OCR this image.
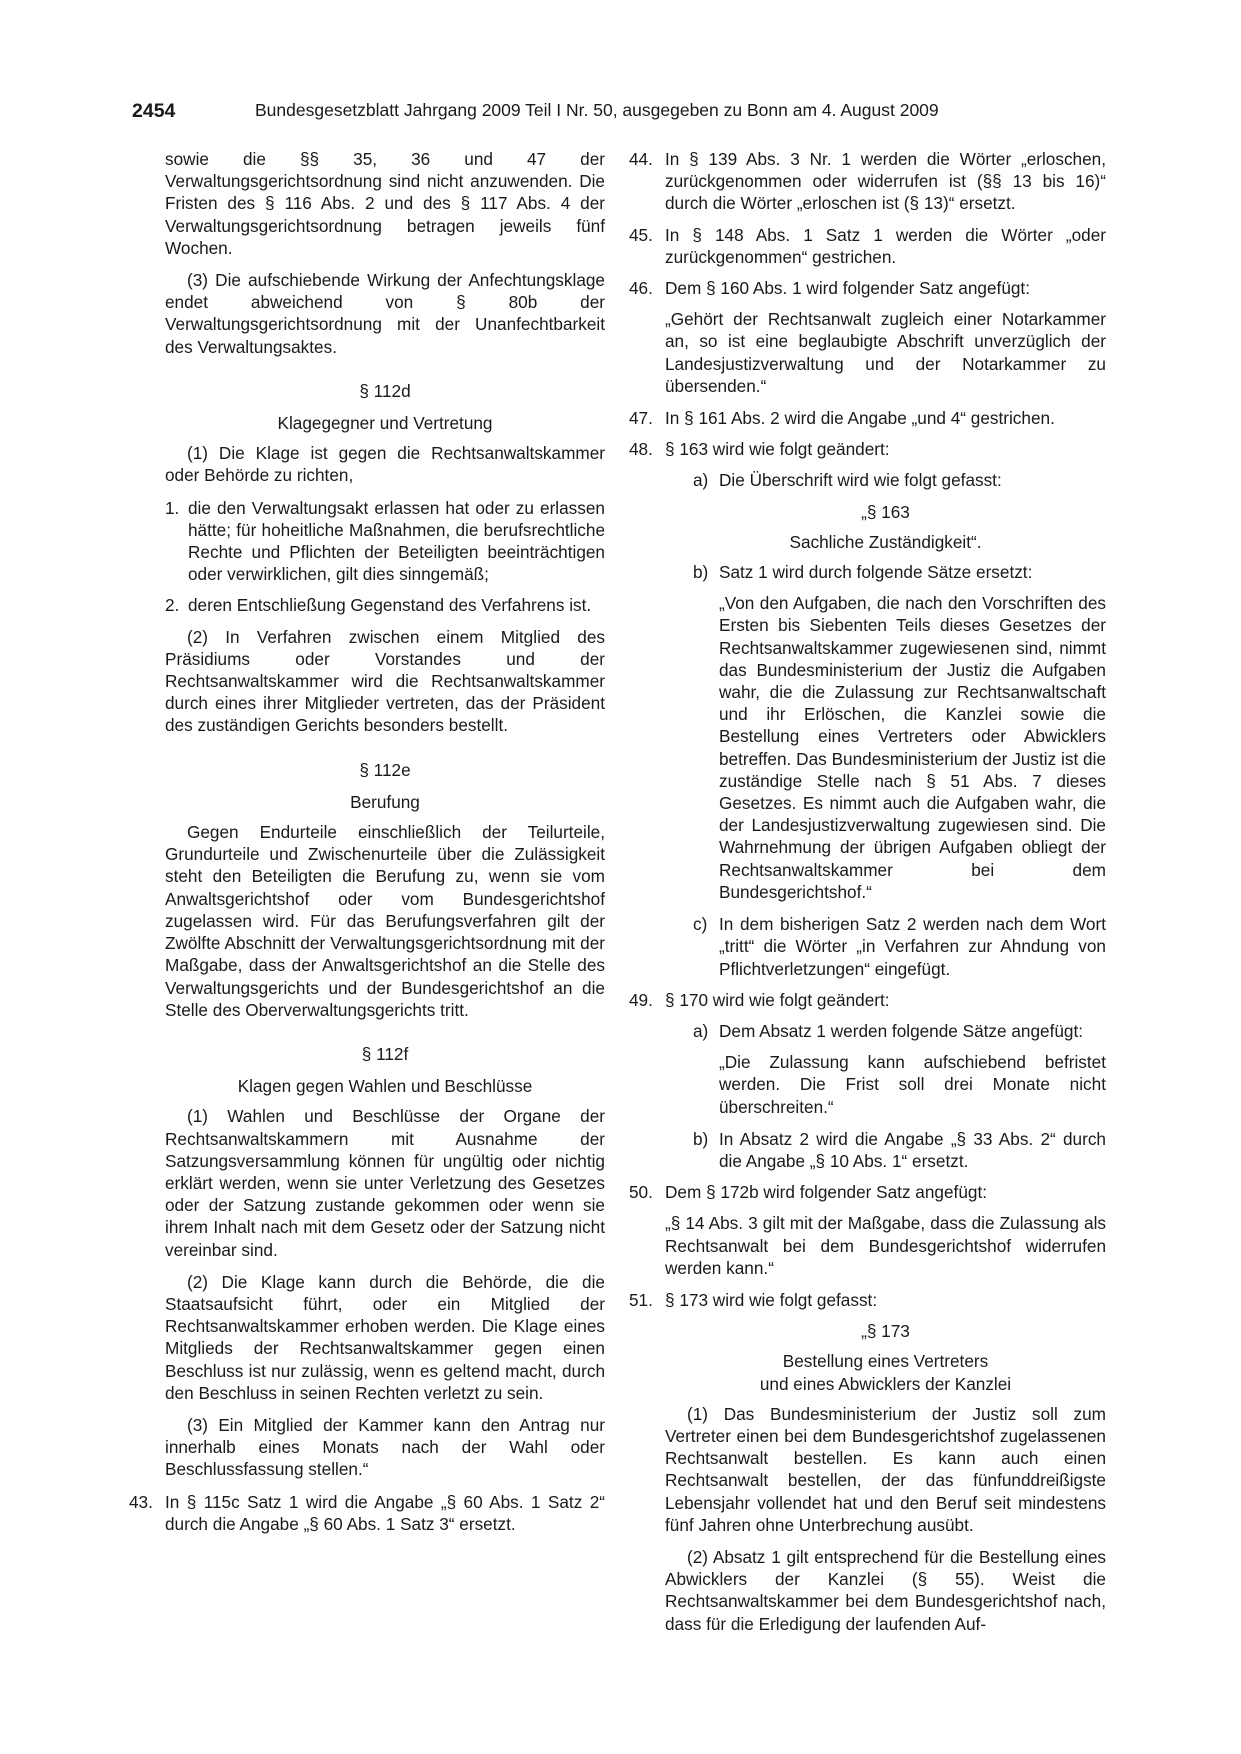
2454	Bundesgesetzblatt Jahrgang 2009 Teil I Nr. 50, ausgegeben zu Bonn am 4. August 2009

sowie die §§ 35, 36 und 47 der Verwaltungsgerichtsordnung sind nicht anzuwenden. Die Fristen des § 116 Abs. 2 und des § 117 Abs. 4 der Verwaltungsgerichtsordnung betragen jeweils fünf Wochen.

(3) Die aufschiebende Wirkung der Anfechtungsklage endet abweichend von § 80b der Verwaltungsgerichtsordnung mit der Unanfechtbarkeit des Verwaltungsaktes.

§ 112d
Klagegegner und Vertretung

(1) Die Klage ist gegen die Rechtsanwaltskammer oder Behörde zu richten,

1. die den Verwaltungsakt erlassen hat oder zu erlassen hätte; für hoheitliche Maßnahmen, die berufsrechtliche Rechte und Pflichten der Beteiligten beeinträchtigen oder verwirklichen, gilt dies sinngemäß;
2. deren Entschließung Gegenstand des Verfahrens ist.

(2) In Verfahren zwischen einem Mitglied des Präsidiums oder Vorstandes und der Rechtsanwaltskammer wird die Rechtsanwaltskammer durch eines ihrer Mitglieder vertreten, das der Präsident des zuständigen Gerichts besonders bestellt.

§ 112e
Berufung

Gegen Endurteile einschließlich der Teilurteile, Grundurteile und Zwischenurteile über die Zulässigkeit steht den Beteiligten die Berufung zu, wenn sie vom Anwaltsgerichtshof oder vom Bundesgerichtshof zugelassen wird. Für das Berufungsverfahren gilt der Zwölfte Abschnitt der Verwaltungsgerichtsordnung mit der Maßgabe, dass der Anwaltsgerichtshof an die Stelle des Verwaltungsgerichts und der Bundesgerichtshof an die Stelle des Oberverwaltungsgerichts tritt.

§ 112f
Klagen gegen Wahlen und Beschlüsse

(1) Wahlen und Beschlüsse der Organe der Rechtsanwaltskammern mit Ausnahme der Satzungsversammlung können für ungültig oder nichtig erklärt werden, wenn sie unter Verletzung des Gesetzes oder der Satzung zustande gekommen oder wenn sie ihrem Inhalt nach mit dem Gesetz oder der Satzung nicht vereinbar sind.

(2) Die Klage kann durch die Behörde, die die Staatsaufsicht führt, oder ein Mitglied der Rechtsanwaltskammer erhoben werden. Die Klage eines Mitglieds der Rechtsanwaltskammer gegen einen Beschluss ist nur zulässig, wenn es geltend macht, durch den Beschluss in seinen Rechten verletzt zu sein.

(3) Ein Mitglied der Kammer kann den Antrag nur innerhalb eines Monats nach der Wahl oder Beschlussfassung stellen.“

43. In § 115c Satz 1 wird die Angabe „§ 60 Abs. 1 Satz 2“ durch die Angabe „§ 60 Abs. 1 Satz 3“ ersetzt.
44. In § 139 Abs. 3 Nr. 1 werden die Wörter „erloschen, zurückgenommen oder widerrufen ist (§§ 13 bis 16)“ durch die Wörter „erloschen ist (§ 13)“ ersetzt.
45. In § 148 Abs. 1 Satz 1 werden die Wörter „oder zurückgenommen“ gestrichen.
46. Dem § 160 Abs. 1 wird folgender Satz angefügt:

„Gehört der Rechtsanwalt zugleich einer Notarkammer an, so ist eine beglaubigte Abschrift unverzüglich der Landesjustizverwaltung und der Notarkammer zu übersenden.“

47. In § 161 Abs. 2 wird die Angabe „und 4“ gestrichen.
48. § 163 wird wie folgt geändert:
a) Die Überschrift wird wie folgt gefasst:
„§ 163
Sachliche Zuständigkeit“.
b) Satz 1 wird durch folgende Sätze ersetzt:

„Von den Aufgaben, die nach den Vorschriften des Ersten bis Siebenten Teils dieses Gesetzes der Rechtsanwaltskammer zugewiesenen sind, nimmt das Bundesministerium der Justiz die Aufgaben wahr, die die Zulassung zur Rechtsanwaltschaft und ihr Erlöschen, die Kanzlei sowie die Bestellung eines Vertreters oder Abwicklers betreffen. Das Bundesministerium der Justiz ist die zuständige Stelle nach § 51 Abs. 7 dieses Gesetzes. Es nimmt auch die Aufgaben wahr, die der Landesjustizverwaltung zugewiesen sind. Die Wahrnehmung der übrigen Aufgaben obliegt der Rechtsanwaltskammer bei dem Bundesgerichtshof.“

c) In dem bisherigen Satz 2 werden nach dem Wort „tritt“ die Wörter „in Verfahren zur Ahndung von Pflichtverletzungen“ eingefügt.
49. § 170 wird wie folgt geändert:
a) Dem Absatz 1 werden folgende Sätze angefügt:

„Die Zulassung kann aufschiebend befristet werden. Die Frist soll drei Monate nicht überschreiten.“

b) In Absatz 2 wird die Angabe „§ 33 Abs. 2“ durch die Angabe „§ 10 Abs. 1“ ersetzt.
50. Dem § 172b wird folgender Satz angefügt:

„§ 14 Abs. 3 gilt mit der Maßgabe, dass die Zulassung als Rechtsanwalt bei dem Bundesgerichtshof widerrufen werden kann.“

51. § 173 wird wie folgt gefasst:
„§ 173
Bestellung eines Vertreters
und eines Abwicklers der Kanzlei

(1) Das Bundesministerium der Justiz soll zum Vertreter einen bei dem Bundesgerichtshof zugelassenen Rechtsanwalt bestellen. Es kann auch einen Rechtsanwalt bestellen, der das fünfunddreißigste Lebensjahr vollendet hat und den Beruf seit mindestens fünf Jahren ohne Unterbrechung ausübt.

(2) Absatz 1 gilt entsprechend für die Bestellung eines Abwicklers der Kanzlei (§ 55). Weist die Rechtsanwaltskammer bei dem Bundesgerichtshof nach, dass für die Erledigung der laufenden Auf-
